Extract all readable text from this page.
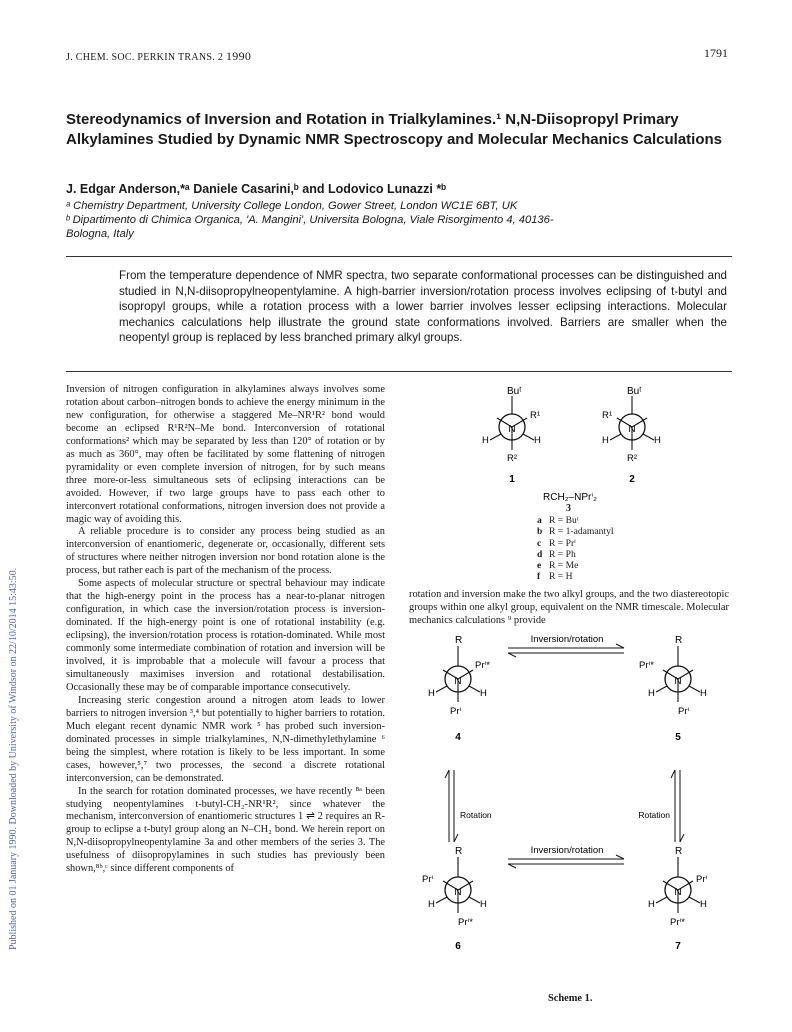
J. CHEM. SOC. PERKIN TRANS. 2 1990	1791
Published on 01 January 1990. Downloaded by University of Windsor on 22/10/2014 15:43:50.
Stereodynamics of Inversion and Rotation in Trialkylamines.¹ N,N-Diisopropyl Primary Alkylamines Studied by Dynamic NMR Spectroscopy and Molecular Mechanics Calculations
J. Edgar Anderson,*ᵃ Daniele Casarini,ᵇ and Lodovico Lunazzi *ᵇ
ᵃ Chemistry Department, University College London, Gower Street, London WC1E 6BT, UK
ᵇ Dipartimento di Chimica Organica, 'A. Mangini', Universita Bologna, Viale Risorgimento 4, 40136-
Bologna, Italy
From the temperature dependence of NMR spectra, two separate conformational processes can be distinguished and studied in N,N-diisopropylneopentylamine. A high-barrier inversion/rotation process involves eclipsing of t-butyl and isopropyl groups, while a rotation process with a lower barrier involves lesser eclipsing interactions. Molecular mechanics calculations help illustrate the ground state conformations involved. Barriers are smaller when the neopentyl group is replaced by less branched primary alkyl groups.

Inversion of nitrogen configuration in alkylamines always involves some rotation about carbon–nitrogen bonds to achieve the energy minimum in the new configuration, for otherwise a staggered Me–NR¹R² bond would become an eclipsed R¹R²N–Me bond. Interconversion of rotational conformations² which may be separated by less than 120° of rotation or by as much as 360°, may often be facilitated by some flattening of nitrogen pyramidality or even complete inversion of nitrogen, for by such means three more-or-less simultaneous sets of eclipsing interactions can be avoided. However, if two large groups have to pass each other to interconvert rotational conformations, nitrogen inversion does not provide a magic way of avoiding this.

A reliable procedure is to consider any process being studied as an interconversion of enantiomeric, degenerate or, occasionally, different sets of structures where neither nitrogen inversion nor bond rotation alone is the process, but rather each is part of the mechanism of the process.

Some aspects of molecular structure or spectral behaviour may indicate that the high-energy point in the process has a near-to-planar nitrogen configuration, in which case the inversion/rotation process is inversion-dominated. If the high-energy point is one of rotational instability (e.g. eclipsing), the inversion/rotation process is rotation-dominated. While most commonly some intermediate combination of rotation and inversion will be involved, it is improbable that a molecule will favour a process that simultaneously maximises inversion and rotational destabilisation. Occasionally these may be of comparable importance consecutively.

Increasing steric congestion around a nitrogen atom leads to lower barriers to nitrogen inversion ³,⁴ but potentially to higher barriers to rotation. Much elegant recent dynamic NMR work ⁵ has probed such inversion-dominated processes in simple trialkylamines, N,N-dimethylethylamine ⁶ being the simplest, where rotation is likely to be less important. In some cases, however,⁵,⁷ two processes, the second a discrete rotational interconversion, can be demonstrated.

In the search for rotation dominated processes, we have recently ⁸ᵃ been studying neopentylamines t-butyl-CH₂-NR¹R², since whatever the mechanism, interconversion of enantiomeric structures 1 ⇌ 2 requires an R-group to eclipse a t-butyl group along an N–CH₂ bond. We herein report on N,N-diisopropylneopentylamine 3a and other members of the series 3. The usefulness of diisopropylamines in such studies has previously been shown,⁸ᵇ,ᶜ since different components of

N
Buᵗ
R¹
H	H
R²
1
N
Buᵗ
R¹
H	H
R²
2
RCH₂–NPrⁱ₂
3
a R = Buᵗ
b R = 1-adamantyl
c R = Prⁱ
d R = Ph
e R = Me
f R = H
rotation and inversion make the two alkyl groups, and the two diastereotopic groups within one alkyl group, equivalent on the NMR timescale. Molecular mechanics calculations ⁹ provide
N
R
Prⁱ*
H	H
Prⁱ
4
N
R
Prⁱ*
H	H
Prⁱ
5
Inversion/rotation
Rotation	Rotation
N
R
Prⁱ
H	H
Prⁱ*
6
N
R
Prⁱ
H	H
Prⁱ*
7
Inversion/rotation
Scheme 1.
